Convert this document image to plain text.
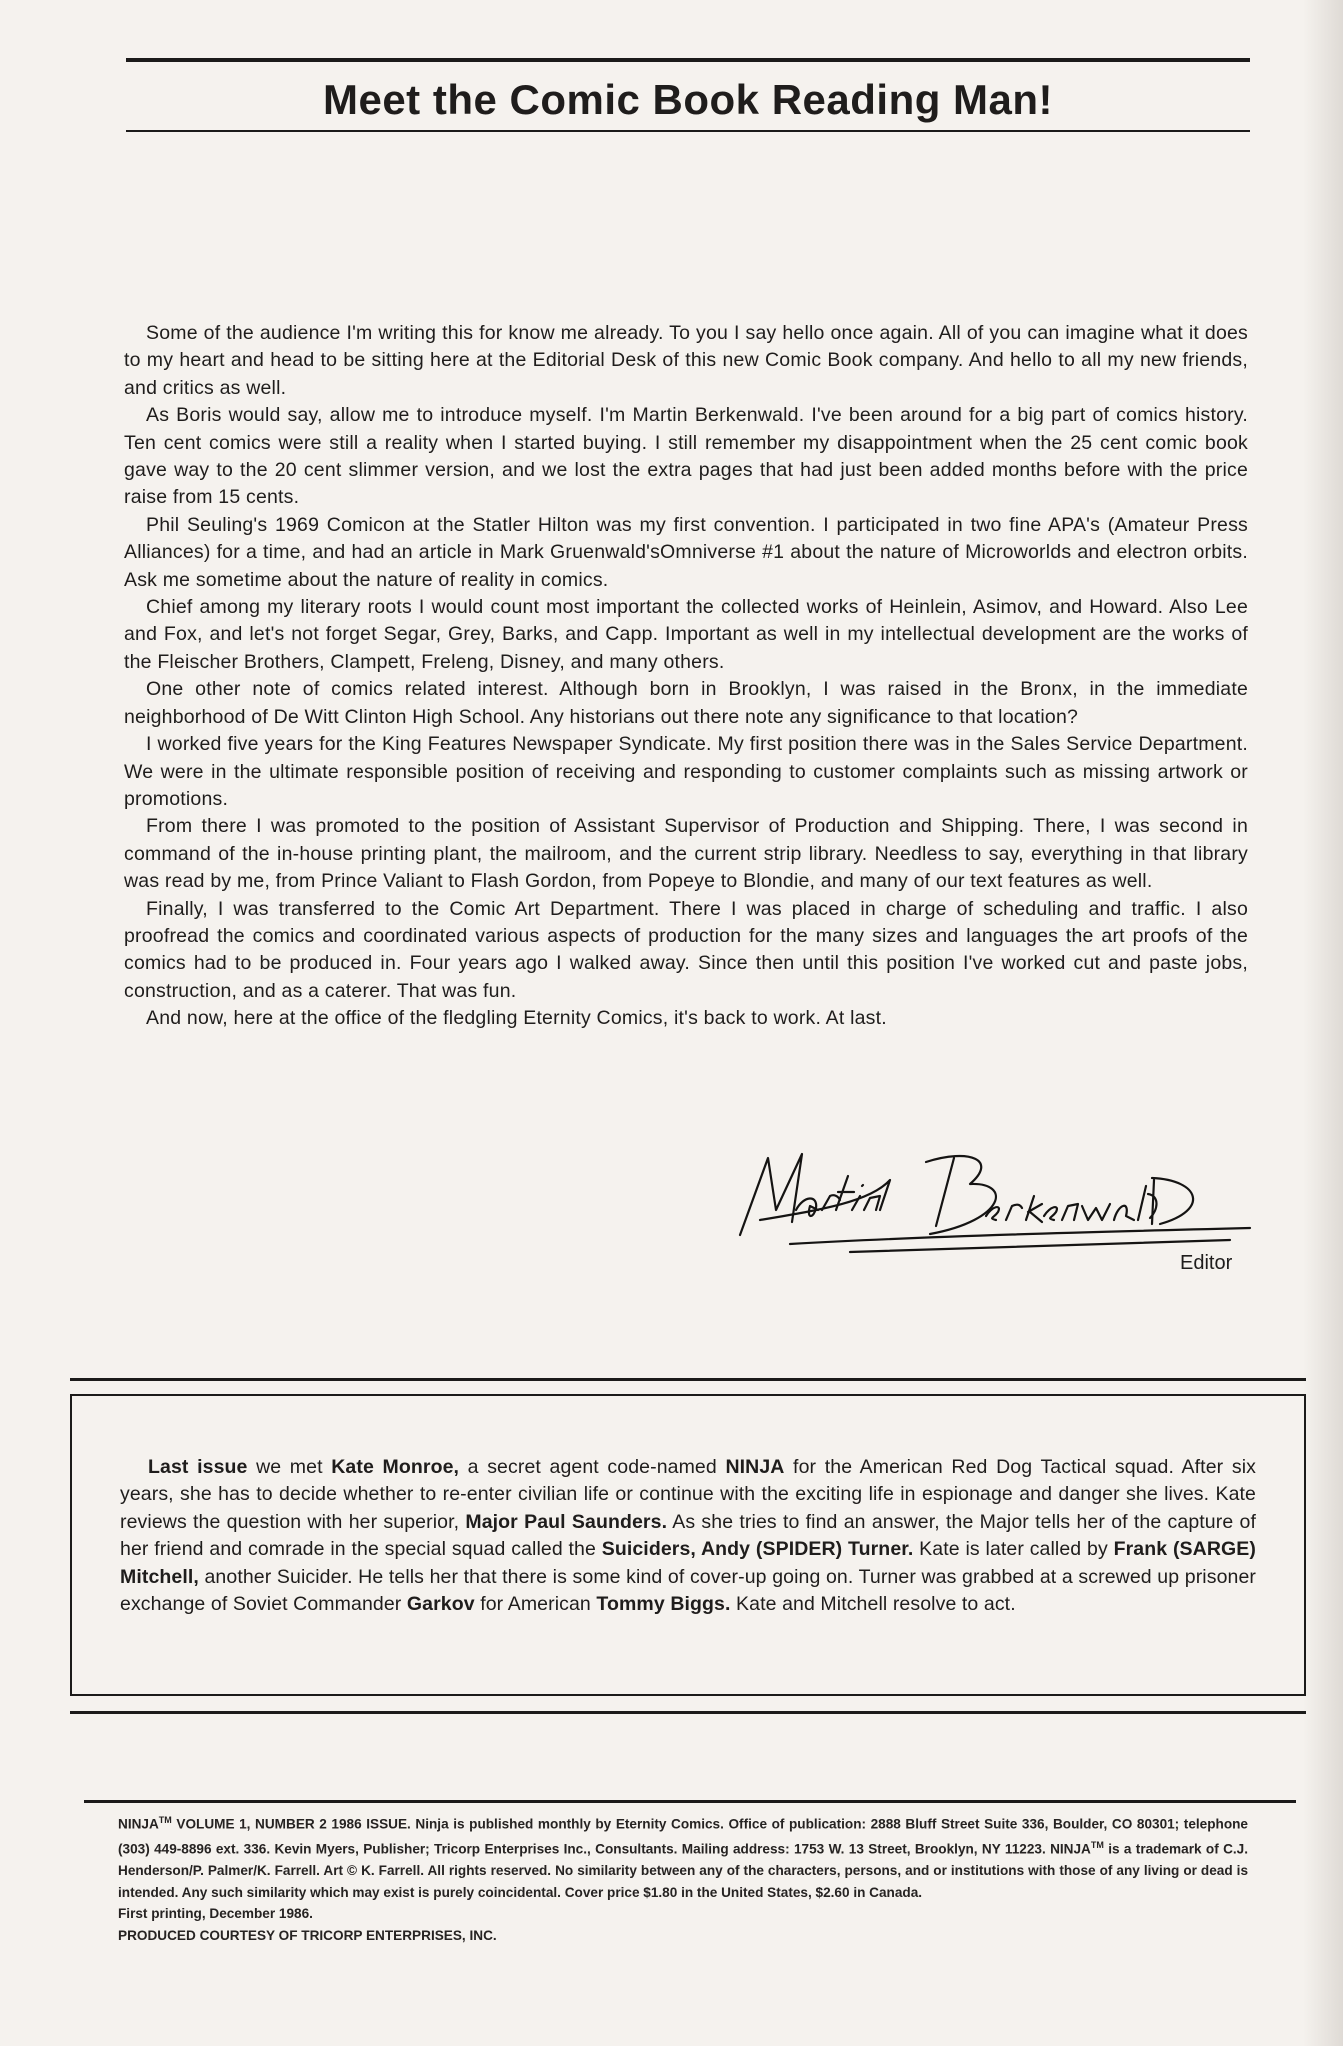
Meet the Comic Book Reading Man!

Some of the audience I'm writing this for know me already. To you I say hello once again. All of you can imagine what it does to my heart and head to be sitting here at the Editorial Desk of this new Comic Book company. And hello to all my new friends, and critics as well.

As Boris would say, allow me to introduce myself. I'm Martin Berkenwald. I've been around for a big part of comics history. Ten cent comics were still a reality when I started buying. I still remember my disappointment when the 25 cent comic book gave way to the 20 cent slimmer version, and we lost the extra pages that had just been added months before with the price raise from 15 cents.

Phil Seuling's 1969 Comicon at the Statler Hilton was my first convention. I participated in two fine APA's (Amateur Press Alliances) for a time, and had an article in Mark Gruenwald'sOmniverse #1 about the nature of Microworlds and electron orbits. Ask me sometime about the nature of reality in comics.

Chief among my literary roots I would count most important the collected works of Heinlein, Asimov, and Howard. Also Lee and Fox, and let's not forget Segar, Grey, Barks, and Capp. Important as well in my intellectual development are the works of the Fleischer Brothers, Clampett, Freleng, Disney, and many others.

One other note of comics related interest. Although born in Brooklyn, I was raised in the Bronx, in the immediate neighborhood of De Witt Clinton High School. Any historians out there note any significance to that location?

I worked five years for the King Features Newspaper Syndicate. My first position there was in the Sales Service Department. We were in the ultimate responsible position of receiving and responding to customer complaints such as missing artwork or promotions.

From there I was promoted to the position of Assistant Supervisor of Production and Shipping. There, I was second in command of the in-house printing plant, the mailroom, and the current strip library. Needless to say, everything in that library was read by me, from Prince Valiant to Flash Gordon, from Popeye to Blondie, and many of our text features as well.

Finally, I was transferred to the Comic Art Department. There I was placed in charge of scheduling and traffic. I also proofread the comics and coordinated various aspects of production for the many sizes and languages the art proofs of the comics had to be produced in. Four years ago I walked away. Since then until this position I've worked cut and paste jobs, construction, and as a caterer. That was fun.

And now, here at the office of the fledgling Eternity Comics, it's back to work. At last.

Editor

Last issue we met Kate Monroe, a secret agent code-named NINJA for the American Red Dog Tactical squad. After six years, she has to decide whether to re-enter civilian life or continue with the exciting life in espionage and danger she lives. Kate reviews the question with her superior, Major Paul Saunders. As she tries to find an answer, the Major tells her of the capture of her friend and comrade in the special squad called the Suiciders, Andy (SPIDER) Turner. Kate is later called by Frank (SARGE) Mitchell, another Suicider. He tells her that there is some kind of cover-up going on. Turner was grabbed at a screwed up prisoner exchange of Soviet Commander Garkov for American Tommy Biggs. Kate and Mitchell resolve to act.

NINJA™ VOLUME 1, NUMBER 2 1986 ISSUE. Ninja is published monthly by Eternity Comics. Office of publication: 2888 Bluff Street Suite 336, Boulder, CO 80301; telephone (303) 449-8896 ext. 336. Kevin Myers, Publisher; Tricorp Enterprises Inc., Consultants. Mailing address: 1753 W. 13 Street, Brooklyn, NY 11223. NINJA™ is a trademark of C.J. Henderson/P. Palmer/K. Farrell. Art © K. Farrell. All rights reserved. No similarity between any of the characters, persons, and or institutions with those of any living or dead is intended. Any such similarity which may exist is purely coincidental. Cover price $1.80 in the United States, $2.60 in Canada.

First printing, December 1986.

PRODUCED COURTESY OF TRICORP ENTERPRISES, INC.
